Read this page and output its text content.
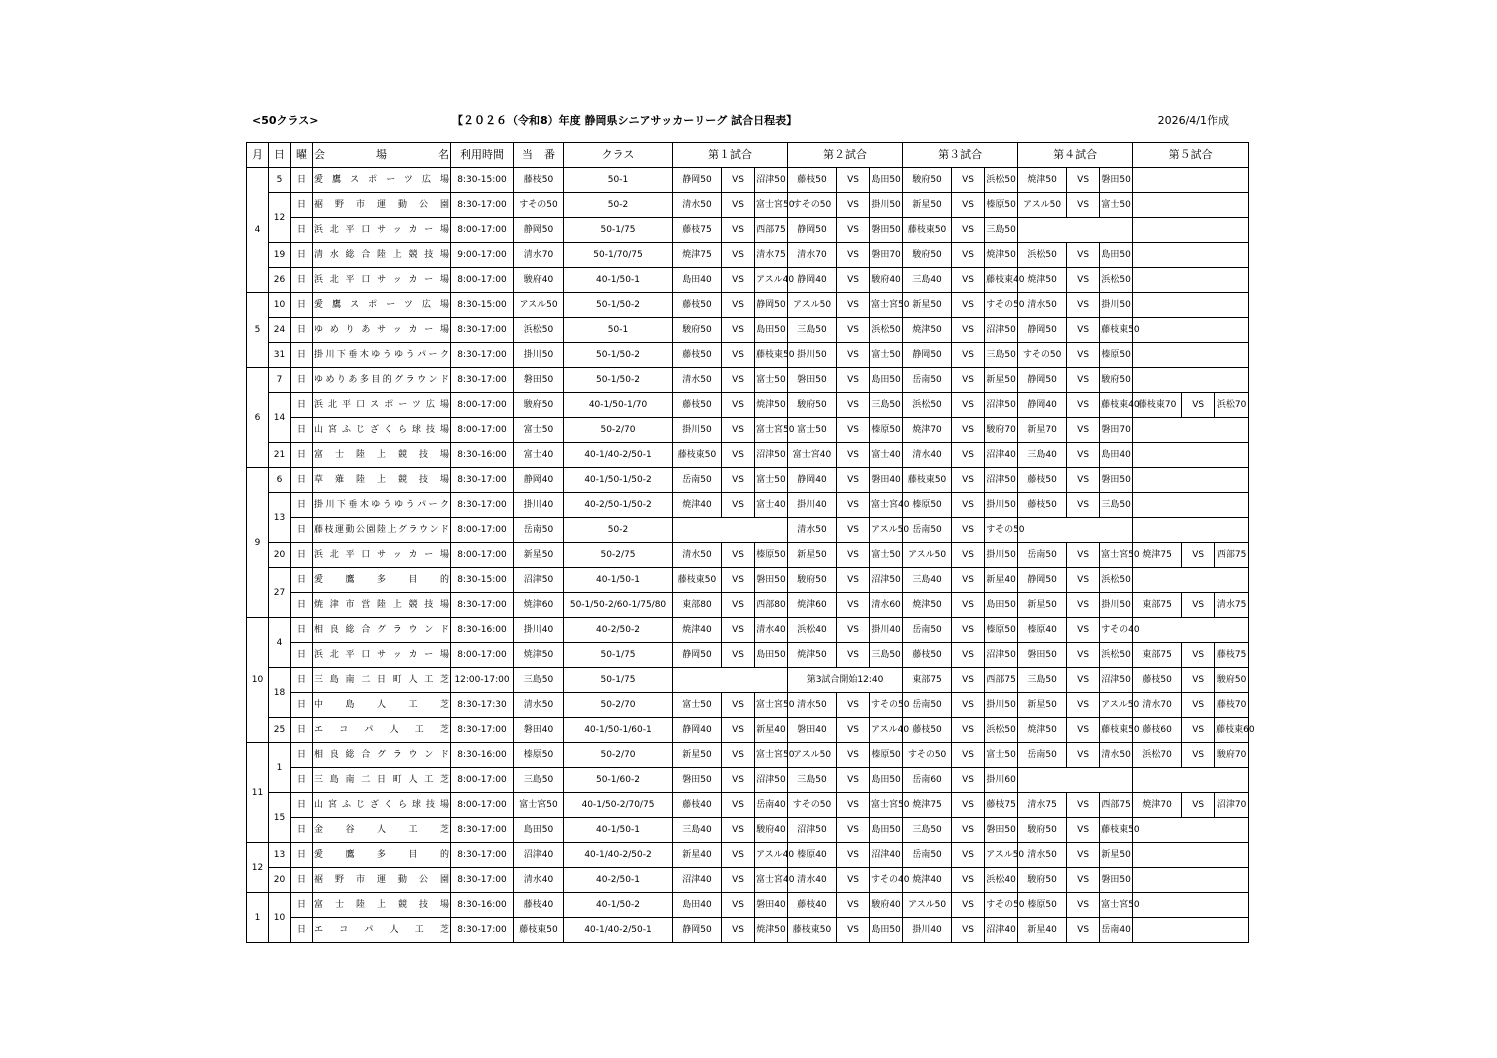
<50クラス>	【２０２６（令和8）年度 静岡県シニアサッカーリーグ 試合日程表】	2026/4/1作成
月	日	曜	会　　　場　　　名	利用時間	当　番	クラス	第１試合			第２試合			第３試合			第４試合			第５試合		
4	5	日	愛鷹スポーツ広場	8:30-15:00	藤枝50	50-1	静岡50	VS	沼津50	藤枝50	VS	島田50	駿府50	VS	浜松50	焼津50	VS	磐田50			
	12	日	裾野市運動公園	8:30-17:00	すその50	50-2	清水50	VS	富士宮50	すその50	VS	掛川50	新星50	VS	榛原50	アスル50	VS	富士50			
		日	浜北平口サッカー場	8:00-17:00	静岡50	50-1/75	藤枝75	VS	西部75	静岡50	VS	磐田50	藤枝東50	VS	三島50						
	19	日	清水総合陸上競技場	9:00-17:00	清水70	50-1/70/75	焼津75	VS	清水75	清水70	VS	磐田70	駿府50	VS	焼津50	浜松50	VS	島田50			
	26	日	浜北平口サッカー場	8:00-17:00	駿府40	40-1/50-1	島田40	VS	アスル40	静岡40	VS	駿府40	三島40	VS	藤枝東40	焼津50	VS	浜松50			
5	10	日	愛鷹スポーツ広場	8:30-15:00	アスル50	50-1/50-2	藤枝50	VS	静岡50	アスル50	VS	富士宮50	新星50	VS	すその50	清水50	VS	掛川50			
	24	日	ゆめりあサッカー場	8:30-17:00	浜松50	50-1	駿府50	VS	島田50	三島50	VS	浜松50	焼津50	VS	沼津50	静岡50	VS	藤枝東50			
	31	日	掛川下垂木ゆうゆうパーク	8:30-17:00	掛川50	50-1/50-2	藤枝50	VS	藤枝東50	掛川50	VS	富士50	静岡50	VS	三島50	すその50	VS	榛原50			
6	7	日	ゆめりあ多目的グラウンド	8:30-17:00	磐田50	50-1/50-2	清水50	VS	富士50	磐田50	VS	島田50	岳南50	VS	新星50	静岡50	VS	駿府50			
	14	日	浜北平口スポーツ広場	8:00-17:00	駿府50	40-1/50-1/70	藤枝50	VS	焼津50	駿府50	VS	三島50	浜松50	VS	沼津50	静岡40	VS	藤枝東40	藤枝東70	VS	浜松70
		日	山宮ふじざくら球技場	8:00-17:00	富士50	50-2/70	掛川50	VS	富士宮50	富士50	VS	榛原50	焼津70	VS	駿府70	新星70	VS	磐田70			
	21	日	富士陸上競技場	8:30-16:00	富士40	40-1/40-2/50-1	藤枝東50	VS	沼津50	富士宮40	VS	富士40	清水40	VS	沼津40	三島40	VS	島田40			
9	6	日	草薙陸上競技場	8:30-17:00	静岡40	40-1/50-1/50-2	岳南50	VS	富士50	静岡40	VS	磐田40	藤枝東50	VS	沼津50	藤枝50	VS	磐田50			
	13	日	掛川下垂木ゆうゆうパーク	8:30-17:00	掛川40	40-2/50-1/50-2	焼津40	VS	富士40	掛川40	VS	富士宮40	榛原50	VS	掛川50	藤枝50	VS	三島50			
		日	藤枝運動公園陸上グラウンド	8:00-17:00	岳南50	50-2				清水50	VS	アスル50	岳南50	VS	すその50						
	20	日	浜北平口サッカー場	8:00-17:00	新星50	50-2/75	清水50	VS	榛原50	新星50	VS	富士50	アスル50	VS	掛川50	岳南50	VS	富士宮50	焼津75	VS	西部75
	27	日	愛鷹多目的	8:30-15:00	沼津50	40-1/50-1	藤枝東50	VS	磐田50	駿府50	VS	沼津50	三島40	VS	新星40	静岡50	VS	浜松50			
		日	焼津市営陸上競技場	8:30-17:00	焼津60	50-1/50-2/60-1/75/80	東部80	VS	西部80	焼津60	VS	清水60	焼津50	VS	島田50	新星50	VS	掛川50	東部75	VS	清水75
10	4	日	相良総合グラウンド	8:30-16:00	掛川40	40-2/50-2	焼津40	VS	清水40	浜松40	VS	掛川40	岳南50	VS	榛原50	榛原40	VS	すその40			
		日	浜北平口サッカー場	8:00-17:00	焼津50	50-1/75	静岡50	VS	島田50	焼津50	VS	三島50	藤枝50	VS	沼津50	磐田50	VS	浜松50	東部75	VS	藤枝75
	18	日	三島南二日町人工芝	12:00-17:00	三島50	50-1/75				第3試合開始12:40			東部75	VS	西部75	三島50	VS	沼津50	藤枝50	VS	駿府50
		日	中島人工芝	8:30-17:30	清水50	50-2/70	富士50	VS	富士宮50	清水50	VS	すその50	岳南50	VS	掛川50	新星50	VS	アスル50	清水70	VS	藤枝70
	25	日	エコパ人工芝	8:30-17:00	磐田40	40-1/50-1/60-1	静岡40	VS	新星40	磐田40	VS	アスル40	藤枝50	VS	浜松50	焼津50	VS	藤枝東50	藤枝60	VS	藤枝東60
11	1	日	相良総合グラウンド	8:30-16:00	榛原50	50-2/70	新星50	VS	富士宮50	アスル50	VS	榛原50	すその50	VS	富士50	岳南50	VS	清水50	浜松70	VS	駿府70
		日	三島南二日町人工芝	8:00-17:00	三島50	50-1/60-2	磐田50	VS	沼津50	三島50	VS	島田50	岳南60	VS	掛川60						
	15	日	山宮ふじざくら球技場	8:00-17:00	富士宮50	40-1/50-2/70/75	藤枝40	VS	岳南40	すその50	VS	富士宮50	焼津75	VS	藤枝75	清水75	VS	西部75	焼津70	VS	沼津70
		日	金谷人工芝	8:30-17:00	島田50	40-1/50-1	三島40	VS	駿府40	沼津50	VS	島田50	三島50	VS	磐田50	駿府50	VS	藤枝東50			
12	13	日	愛鷹多目的	8:30-17:00	沼津40	40-1/40-2/50-2	新星40	VS	アスル40	榛原40	VS	沼津40	岳南50	VS	アスル50	清水50	VS	新星50			
	20	日	裾野市運動公園	8:30-17:00	清水40	40-2/50-1	沼津40	VS	富士宮40	清水40	VS	すその40	焼津40	VS	浜松40	駿府50	VS	磐田50			
1	10	日	富士陸上競技場	8:30-16:00	藤枝40	40-1/50-2	島田40	VS	磐田40	藤枝40	VS	駿府40	アスル50	VS	すその50	榛原50	VS	富士宮50			
		日	エコパ人工芝	8:30-17:00	藤枝東50	40-1/40-2/50-1	静岡50	VS	焼津50	藤枝東50	VS	島田50	掛川40	VS	沼津40	新星40	VS	岳南40			
